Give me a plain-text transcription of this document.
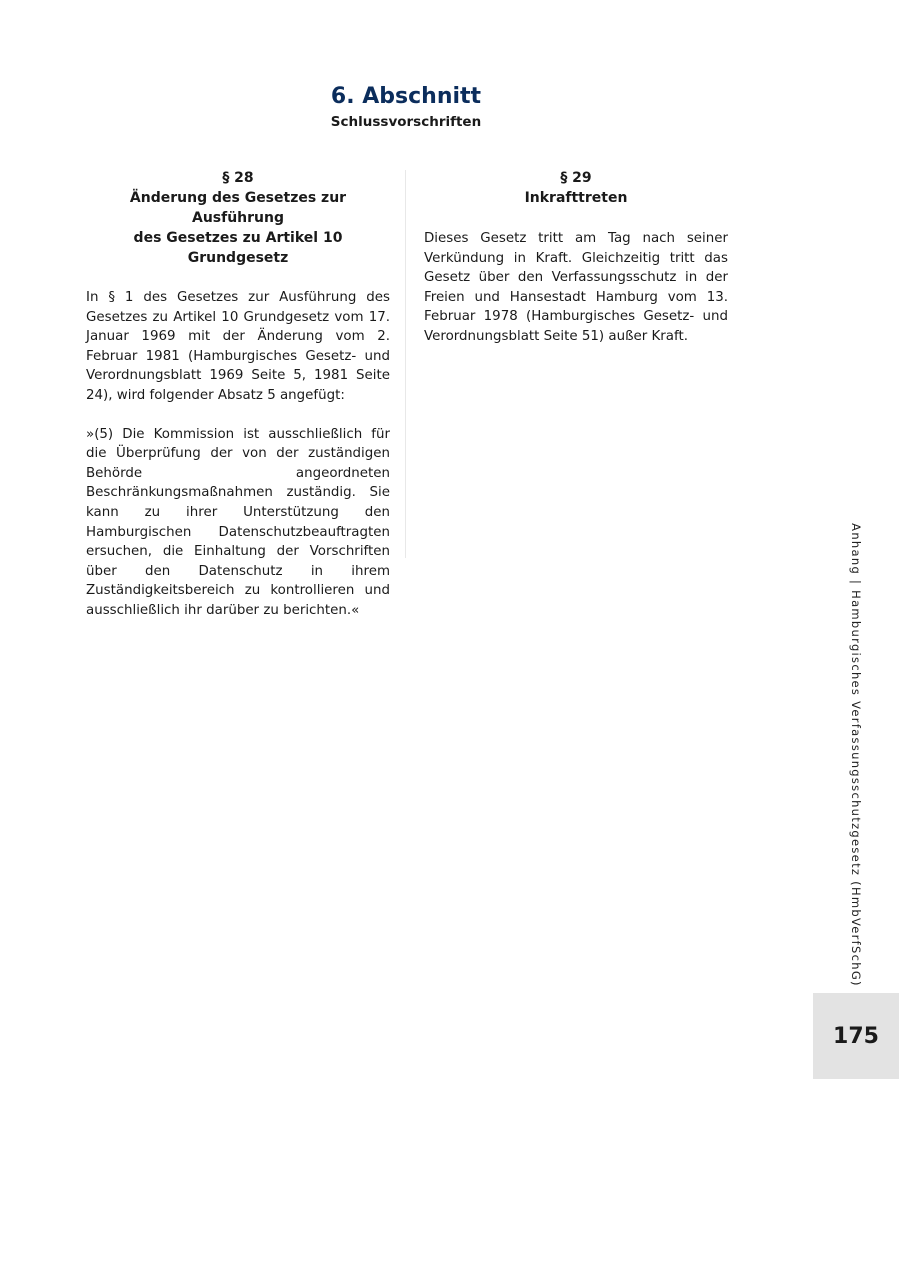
6. Abschnitt
Schlussvorschriften
§ 28
Änderung des Gesetzes zur Ausführung
des Gesetzes zu Artikel 10 Grundgesetz

In § 1 des Gesetzes zur Ausführung des Gesetzes zu Artikel 10 Grundgesetz vom 17. Januar 1969 mit der Änderung vom 2. Februar 1981 (Hamburgisches Gesetz- und Verordnungsblatt 1969 Seite 5, 1981 Seite 24), wird folgender Absatz 5 angefügt:

»(5) Die Kommission ist ausschließlich für die Überprüfung der von der zuständigen Behörde angeordneten Beschränkungsmaßnahmen zuständig. Sie kann zu ihrer Unterstützung den Hamburgischen Datenschutzbeauftragten ersuchen, die Einhaltung der Vorschriften über den Datenschutz in ihrem Zuständigkeitsbereich zu kontrollieren und ausschließlich ihr darüber zu berichten.«

§ 29
Inkrafttreten

Dieses Gesetz tritt am Tag nach seiner Verkündung in Kraft. Gleichzeitig tritt das Gesetz über den Verfassungsschutz in der Freien und Hansestadt Hamburg vom 13. Februar 1978 (Hamburgisches Gesetz- und Verordnungsblatt Seite 51) außer Kraft.

Anhang | Hamburgisches Verfassungsschutzgesetz (HmbVerfSchG)
175
